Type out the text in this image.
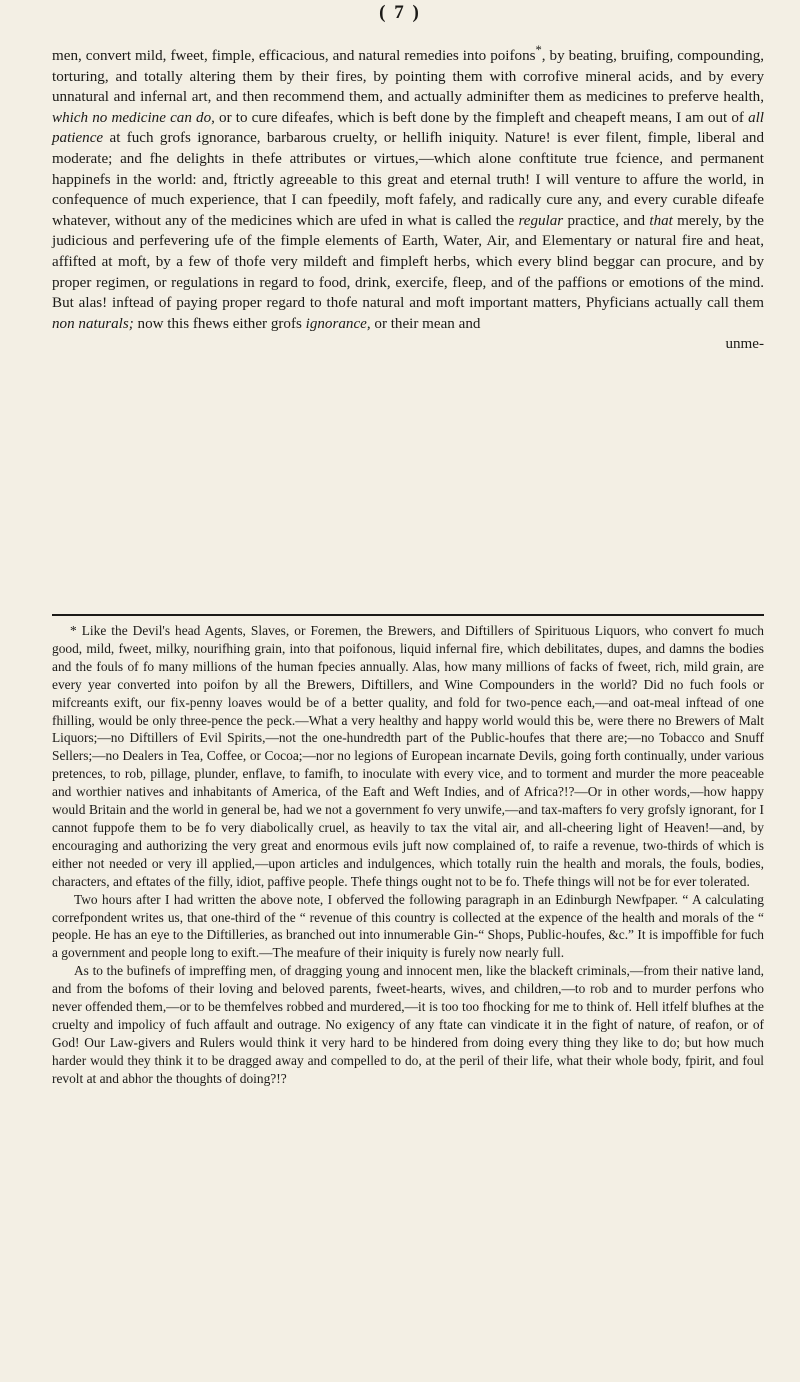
( 7 )

men, convert mild, fweet, fimple, efficacious, and natural remedies into poifons*, by beating, bruifing, compounding, torturing, and totally altering them by their fires, by pointing them with corrofive mineral acids, and by every unnatural and infernal art, and then recommend them, and actually adminifter them as medicines to preferve health, which no medicine can do, or to cure difeafes, which is beft done by the fimpleft and cheapeft means, I am out of all patience at fuch grofs ignorance, barbarous cruelty, or hellifh iniquity. Nature! is ever filent, fimple, liberal and moderate; and fhe delights in thefe attributes or virtues,—which alone conftitute true fcience, and permanent happinefs in the world: and, ftrictly agreeable to this great and eternal truth! I will venture to affure the world, in confequence of much experience, that I can fpeedily, moft fafely, and radically cure any, and every curable difeafe whatever, without any of the medicines which are ufed in what is called the regular practice, and that merely, by the judicious and perfevering ufe of the fimple elements of Earth, Water, Air, and Elementary or natural fire and heat, affifted at moft, by a few of thofe very mildeft and fimpleft herbs, which every blind beggar can procure, and by proper regimen, or regulations in regard to food, drink, exercife, fleep, and of the paffions or emotions of the mind. But alas! inftead of paying proper regard to thofe natural and moft important matters, Phyficians actually call them non naturals; now this fhews either grofs ignorance, or their mean and
unme-

* Like the Devil's head Agents, Slaves, or Foremen, the Brewers, and Diftillers of Spirituous Liquors, who convert fo much good, mild, fweet, milky, nourifhing grain, into that poifonous, liquid infernal fire, which debilitates, dupes, and damns the bodies and the fouls of fo many millions of the human fpecies annually. Alas, how many millions of facks of fweet, rich, mild grain, are every year converted into poifon by all the Brewers, Diftillers, and Wine Compounders in the world? Did no fuch fools or mifcreants exift, our fix-penny loaves would be of a better quality, and fold for two-pence each,—and oat-meal inftead of one fhilling, would be only three-pence the peck.—What a very healthy and happy world would this be, were there no Brewers of Malt Liquors;—no Diftillers of Evil Spirits,—not the one-hundredth part of the Public-houfes that there are;—no Tobacco and Snuff Sellers;—no Dealers in Tea, Coffee, or Cocoa;—nor no legions of European incarnate Devils, going forth continually, under various pretences, to rob, pillage, plunder, enflave, to famifh, to inoculate with every vice, and to torment and murder the more peaceable and worthier natives and inhabitants of America, of the Eaft and Weft Indies, and of Africa?!?—Or in other words,—how happy would Britain and the world in general be, had we not a government fo very unwife,—and tax-mafters fo very grofsly ignorant, for I cannot fuppofe them to be fo very diabolically cruel, as heavily to tax the vital air, and all-cheering light of Heaven!—and, by encouraging and authorizing the very great and enormous evils juft now complained of, to raife a revenue, two-thirds of which is either not needed or very ill applied,—upon articles and indulgences, which totally ruin the health and morals, the fouls, bodies, characters, and eftates of the filly, idiot, paffive people. Thefe things ought not to be fo. Thefe things will not be for ever tolerated.

Two hours after I had written the above note, I obferved the following paragraph in an Edinburgh Newfpaper. “ A calculating correfpondent writes us, that one-third of the “ revenue of this country is collected at the expence of the health and morals of the “ people. He has an eye to the Diftilleries, as branched out into innumerable Gin-“ Shops, Public-houfes, &c.” It is impoffible for fuch a government and people long to exift.—The meafure of their iniquity is furely now nearly full.

As to the bufinefs of impreffing men, of dragging young and innocent men, like the blackeft criminals,—from their native land, and from the bofoms of their loving and beloved parents, fweet-hearts, wives, and children,—to rob and to murder perfons who never offended them,—or to be themfelves robbed and murdered,—it is too too fhocking for me to think of. Hell itfelf blufhes at the cruelty and impolicy of fuch affault and outrage. No exigency of any ftate can vindicate it in the fight of nature, of reafon, or of God! Our Law-givers and Rulers would think it very hard to be hindered from doing every thing they like to do; but how much harder would they think it to be dragged away and compelled to do, at the peril of their life, what their whole body, fpirit, and foul revolt at and abhor the thoughts of doing?!?
